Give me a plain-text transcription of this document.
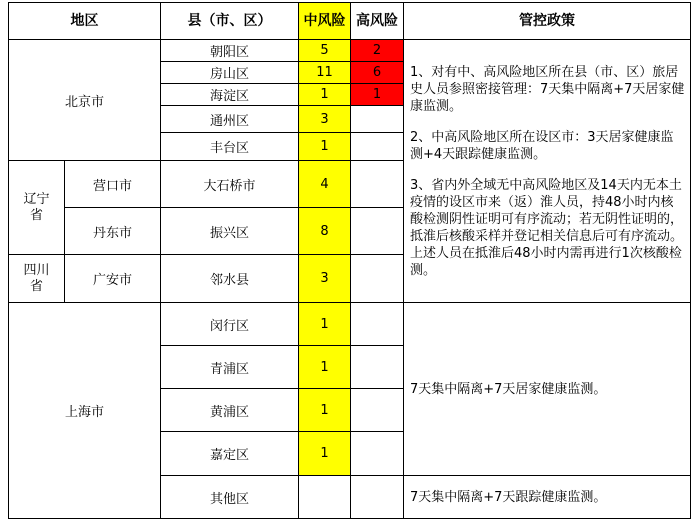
地区		县（市、区）	中风险	高风险	管控政策
北京市		朝阳区	5	2	1、对有中、高风险地区所在县（市、区）旅居史人员参照密接管理：7天集中隔离+7天居家健康监测。

2、中高风险地区所在设区市：3天居家健康监测+4天跟踪健康监测。

3、省内外全域无中高风险地区及14天内无本土疫情的设区市来（返）淮人员，持48小时内核酸检测阴性证明可有序流动；若无阴性证明的，抵淮后核酸采样并登记相关信息后可有序流动。上述人员在抵淮后48小时内需再进行1次核酸检测。

		房山区	11	6	
		海淀区	1	1	
		通州区	3		
		丰台区	1		
辽宁省	营口市	大石桥市	4		
	丹东市	振兴区	8		
四川省	广安市	邻水县	3		
上海市		闵行区	1		7天集中隔离+7天居家健康监测。
		青浦区	1		
		黄浦区	1		
		嘉定区	1		
		其他区			7天集中隔离+7天跟踪健康监测。
